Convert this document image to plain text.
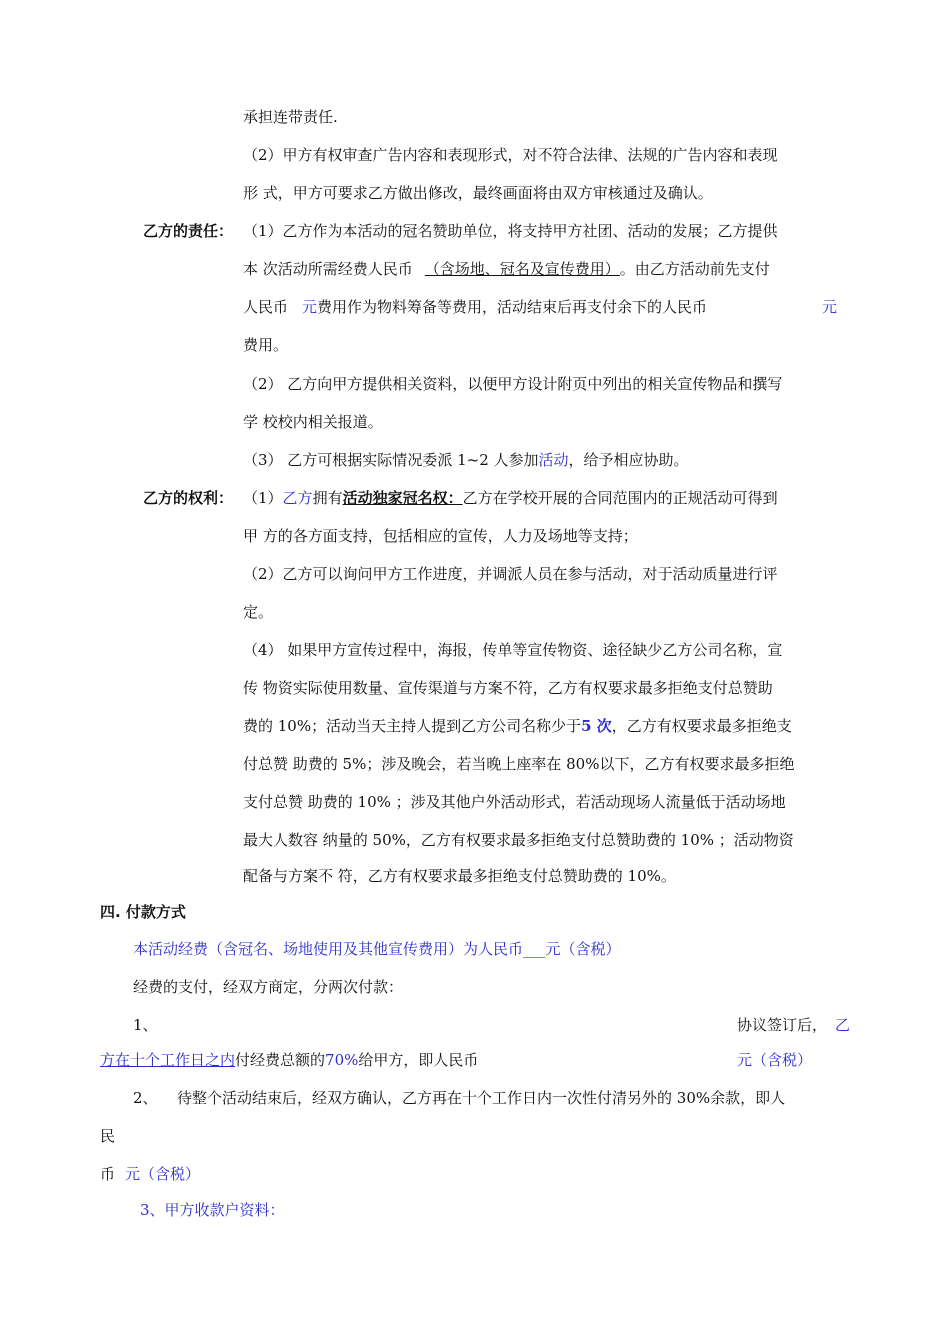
承担连带责任.
（2）甲方有权审查广告内容和表现形式，对不符合法律、法规的广告内容和表现
形 式，甲方可要求乙方做出修改，最终画面将由双方审核通过及确认。
乙方的责任： （1）乙方作为本活动的冠名赞助单位，将支持甲方社团、活动的发展；乙方提供
本 次活动所需经费人民币 （含场地、冠名及宣传费用）。由乙方活动前先支付
人民币 元费用作为物料筹备等费用，活动结束后再支付余下的人民币	元
费用。
（2） 乙方向甲方提供相关资料，以便甲方设计附页中列出的相关宣传物品和撰写
学 校校内相关报道。
（3） 乙方可根据实际情况委派 1~2 人参加活动，给予相应协助。
乙方的权利： （1）乙方拥有活动独家冠名权：乙方在学校开展的合同范围内的正规活动可得到
甲 方的各方面支持，包括相应的宣传，人力及场地等支持；
（2）乙方可以询问甲方工作进度，并调派人员在参与活动，对于活动质量进行评
定。
（4） 如果甲方宣传过程中，海报，传单等宣传物资、途径缺少乙方公司名称，宣
传 物资实际使用数量、宣传渠道与方案不符，乙方有权要求最多拒绝支付总赞助
费的 10%；活动当天主持人提到乙方公司名称少于5 次，乙方有权要求最多拒绝支
付总赞 助费的 5%；涉及晚会，若当晚上座率在 80%以下，乙方有权要求最多拒绝
支付总赞 助费的 10% ；涉及其他户外活动形式，若活动现场人流量低于活动场地
最大人数容 纳量的 50%，乙方有权要求最多拒绝支付总赞助费的 10% ；活动物资
配备与方案不 符，乙方有权要求最多拒绝支付总赞助费的 10%。
四. 付款方式
本活动经费（含冠名、场地使用及其他宣传费用）为人民币___元（含税）
经费的支付，经双方商定，分两次付款：
1、	协议签订后， 乙
方在十个工作日之内付经费总额的70%给甲方，即人民币	元（含税）
2、 待整个活动结束后，经双方确认，乙方再在十个工作日内一次性付清另外的 30%余款，即人
民
币 元（含税）
3、甲方收款户资料：
